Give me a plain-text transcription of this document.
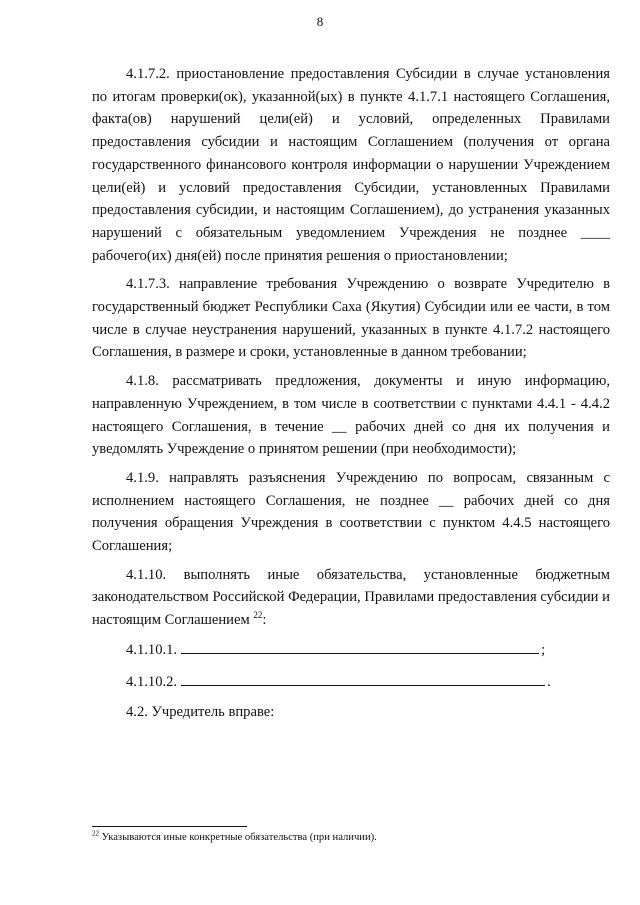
8

4.1.7.2. приостановление предоставления Субсидии в случае установления по итогам проверки(ок), указанной(ых) в пункте 4.1.7.1 настоящего Соглашения, факта(ов) нарушений цели(ей) и условий, определенных Правилами предоставления субсидии и настоящим Соглашением (получения от органа государственного финансового контроля информации о нарушении Учреждением цели(ей) и условий предоставления Субсидии, установленных Правилами предоставления субсидии, и настоящим Соглашением), до устранения указанных нарушений с обязательным уведомлением Учреждения не позднее ____ рабочего(их) дня(ей) после принятия решения о приостановлении;

4.1.7.3. направление требования Учреждению о возврате Учредителю в государственный бюджет Республики Саха (Якутия) Субсидии или ее части, в том числе в случае неустранения нарушений, указанных в пункте 4.1.7.2 настоящего Соглашения, в размере и сроки, установленные в данном требовании;

4.1.8. рассматривать предложения, документы и иную информацию, направленную Учреждением, в том числе в соответствии с пунктами 4.4.1 - 4.4.2 настоящего Соглашения, в течение __ рабочих дней со дня их получения и уведомлять Учреждение о принятом решении (при необходимости);

4.1.9. направлять разъяснения Учреждению по вопросам, связанным с исполнением настоящего Соглашения, не позднее __ рабочих дней со дня получения обращения Учреждения в соответствии с пунктом 4.4.5 настоящего Соглашения;

4.1.10. выполнять иные обязательства, установленные бюджетным законодательством Российской Федерации, Правилами предоставления субсидии и настоящим Соглашением $^{22}$:

4.1.10.1.	;
4.1.10.2.	.

4.2. Учредитель вправе:

$^{22}$ Указываются иные конкретные обязательства (при наличии).
